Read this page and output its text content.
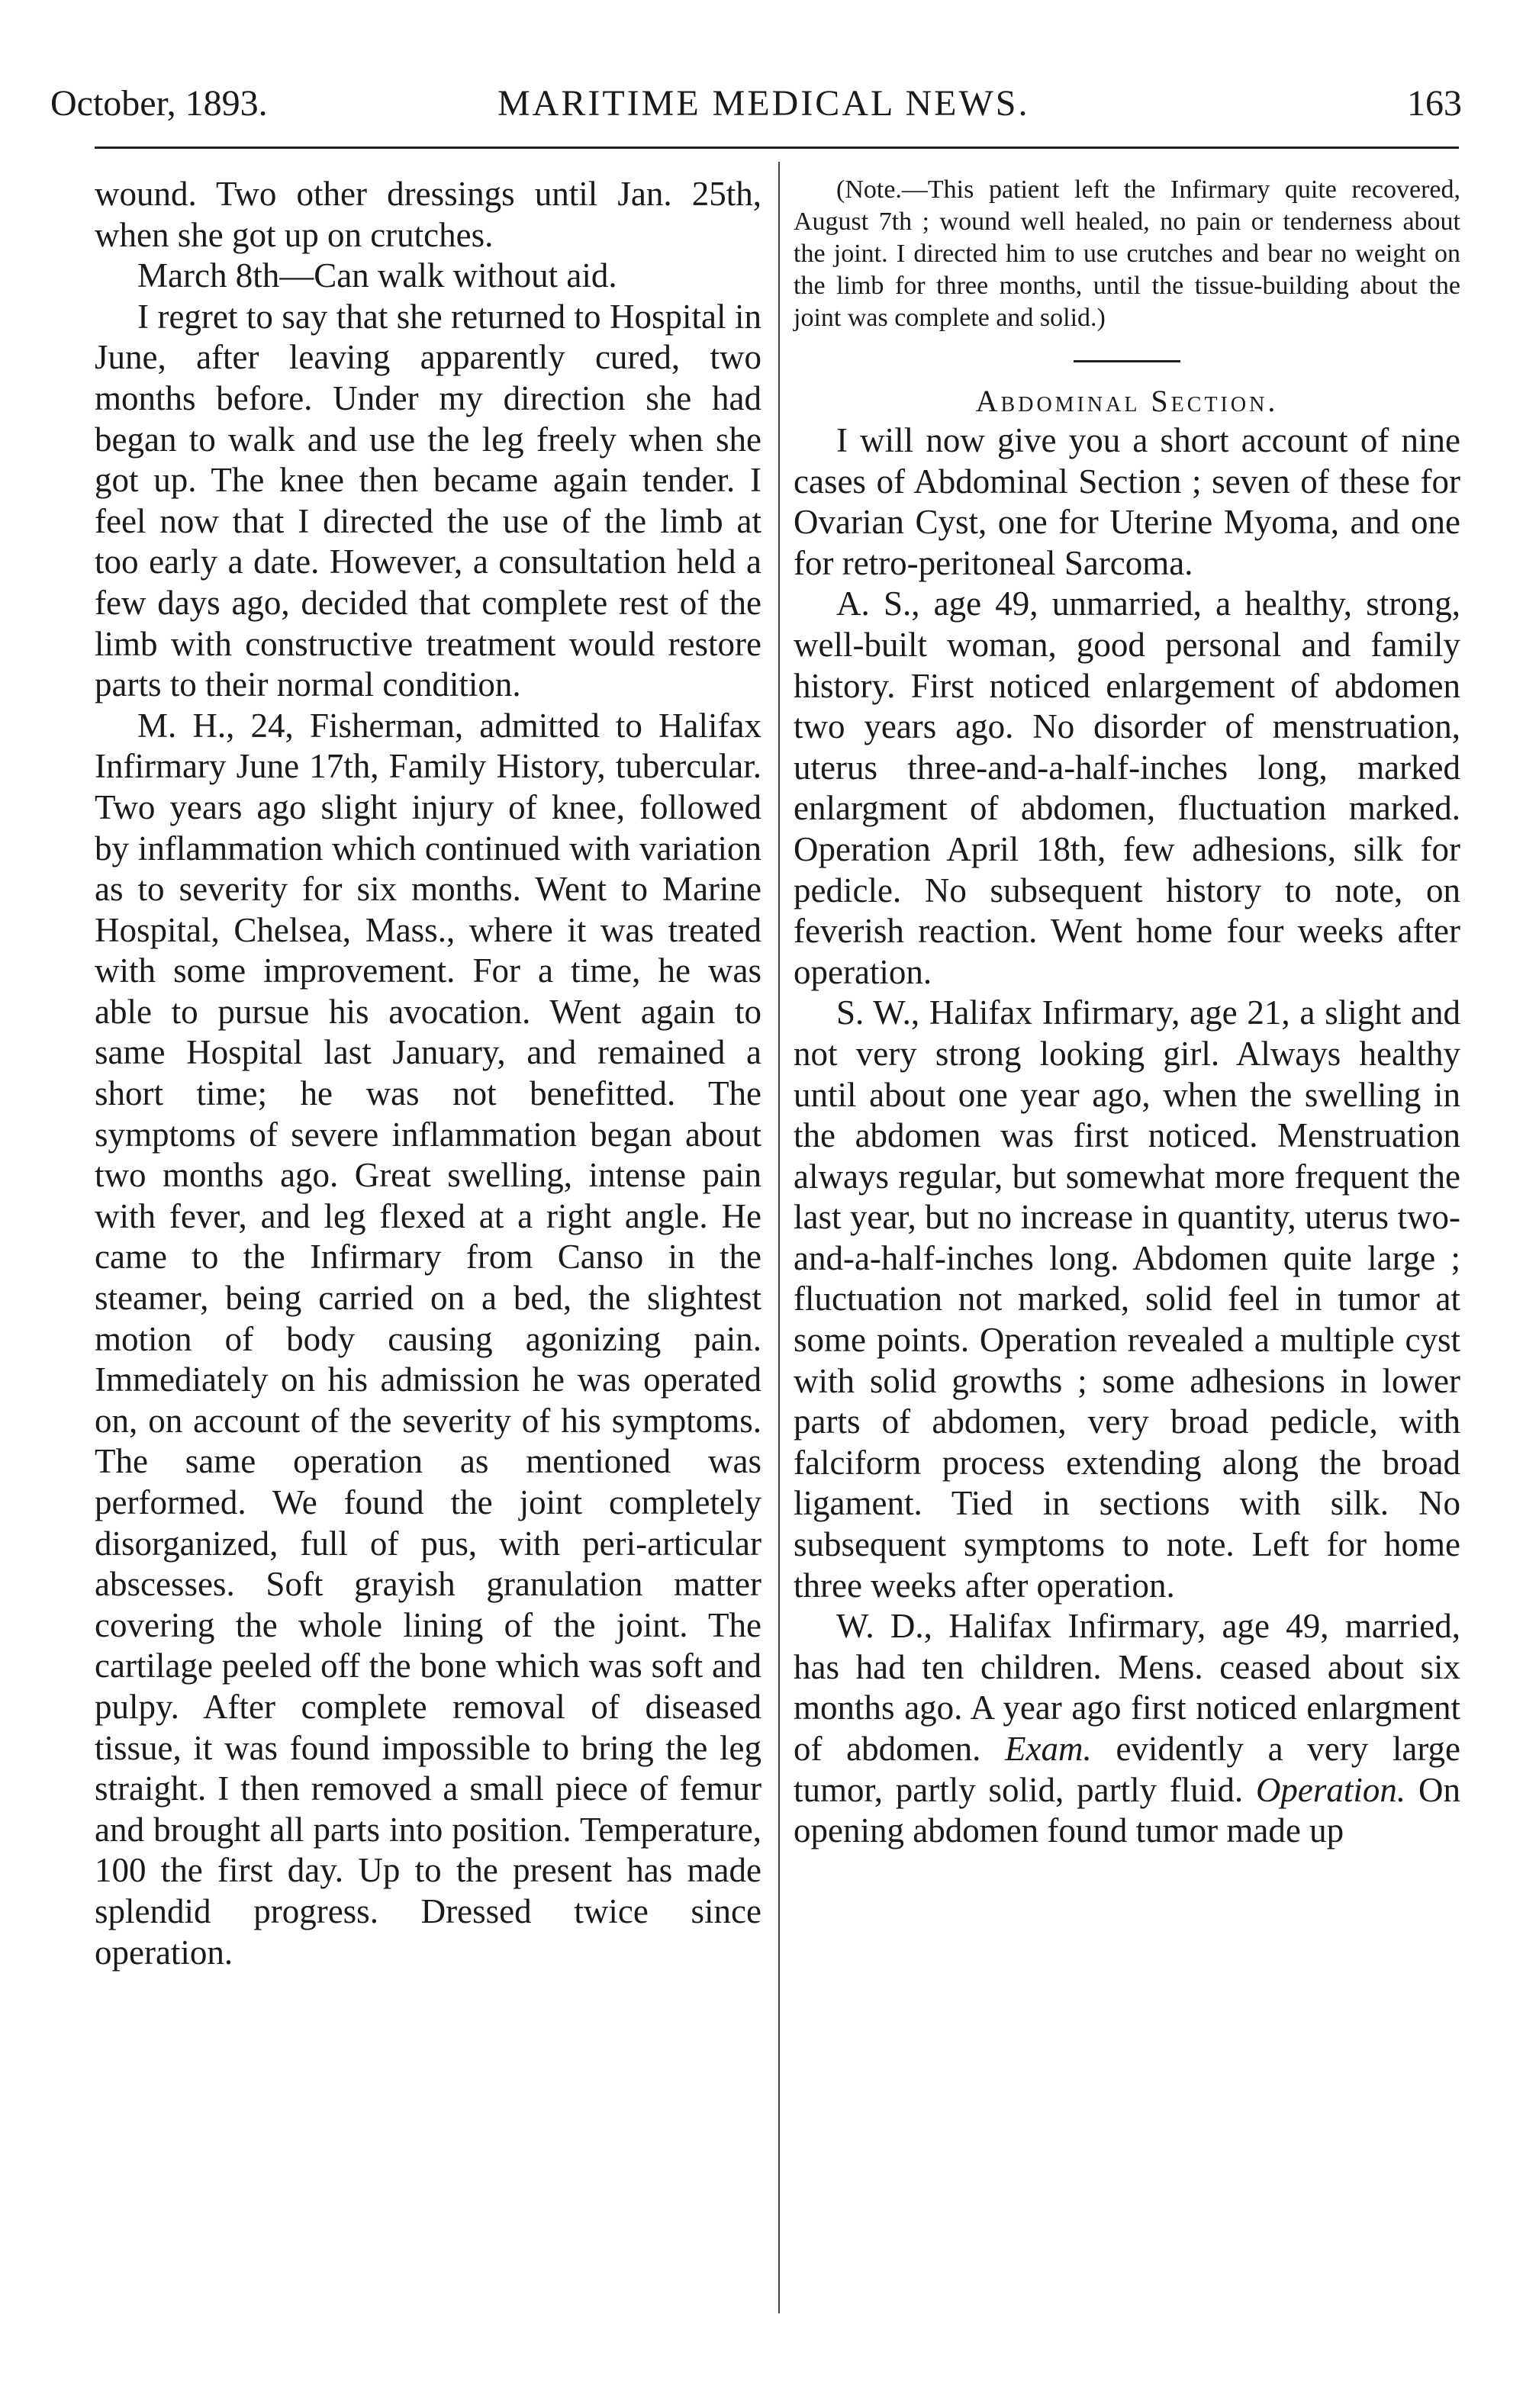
October, 1893.	MARITIME MEDICAL NEWS.	163

wound. Two other dressings until Jan. 25th, when she got up on crutches.

March 8th—Can walk without aid.

I regret to say that she returned to Hospital in June, after leaving apparently cured, two months before. Under my direction she had began to walk and use the leg freely when she got up. The knee then became again tender. I feel now that I directed the use of the limb at too early a date. However, a consultation held a few days ago, decided that complete rest of the limb with constructive treatment would restore parts to their normal condition.

M. H., 24, Fisherman, admitted to Halifax Infirmary June 17th, Family History, tubercular. Two years ago slight injury of knee, followed by inflammation which continued with variation as to severity for six months. Went to Marine Hospital, Chelsea, Mass., where it was treated with some improvement. For a time, he was able to pursue his avocation. Went again to same Hospital last January, and remained a short time; he was not benefitted. The symptoms of severe inflammation began about two months ago. Great swelling, intense pain with fever, and leg flexed at a right angle. He came to the Infirmary from Canso in the steamer, being carried on a bed, the slightest motion of body causing agonizing pain. Immediately on his admission he was operated on, on account of the severity of his symptoms. The same operation as mentioned was performed. We found the joint completely disorganized, full of pus, with peri-articular abscesses. Soft grayish granulation matter covering the whole lining of the joint. The cartilage peeled off the bone which was soft and pulpy. After complete removal of diseased tissue, it was found impossible to bring the leg straight. I then removed a small piece of femur and brought all parts into position. Temperature, 100 the first day. Up to the present has made splendid progress. Dressed twice since operation.

(Note.—This patient left the Infirmary quite recovered, August 7th ; wound well healed, no pain or tenderness about the joint. I directed him to use crutches and bear no weight on the limb for three months, until the tissue-building about the joint was complete and solid.)

Abdominal Section.

I will now give you a short account of nine cases of Abdominal Section ; seven of these for Ovarian Cyst, one for Uterine Myoma, and one for retro-peritoneal Sarcoma.

A. S., age 49, unmarried, a healthy, strong, well-built woman, good personal and family history. First noticed enlargement of abdomen two years ago. No disorder of menstruation, uterus three-and-a-half-inches long, marked enlargment of abdomen, fluctuation marked. Operation April 18th, few adhesions, silk for pedicle. No subsequent history to note, on feverish reaction. Went home four weeks after operation.

S. W., Halifax Infirmary, age 21, a slight and not very strong looking girl. Always healthy until about one year ago, when the swelling in the abdomen was first noticed. Menstruation always regular, but somewhat more frequent the last year, but no increase in quantity, uterus two-and-a-half-inches long. Abdomen quite large ; fluctuation not marked, solid feel in tumor at some points. Operation revealed a multiple cyst with solid growths ; some adhesions in lower parts of abdomen, very broad pedicle, with falciform process extending along the broad ligament. Tied in sections with silk. No subsequent symptoms to note. Left for home three weeks after operation.

W. D., Halifax Infirmary, age 49, married, has had ten children. Mens. ceased about six months ago. A year ago first noticed enlargment of abdomen. Exam. evidently a very large tumor, partly solid, partly fluid. Operation. On opening abdomen found tumor made up
